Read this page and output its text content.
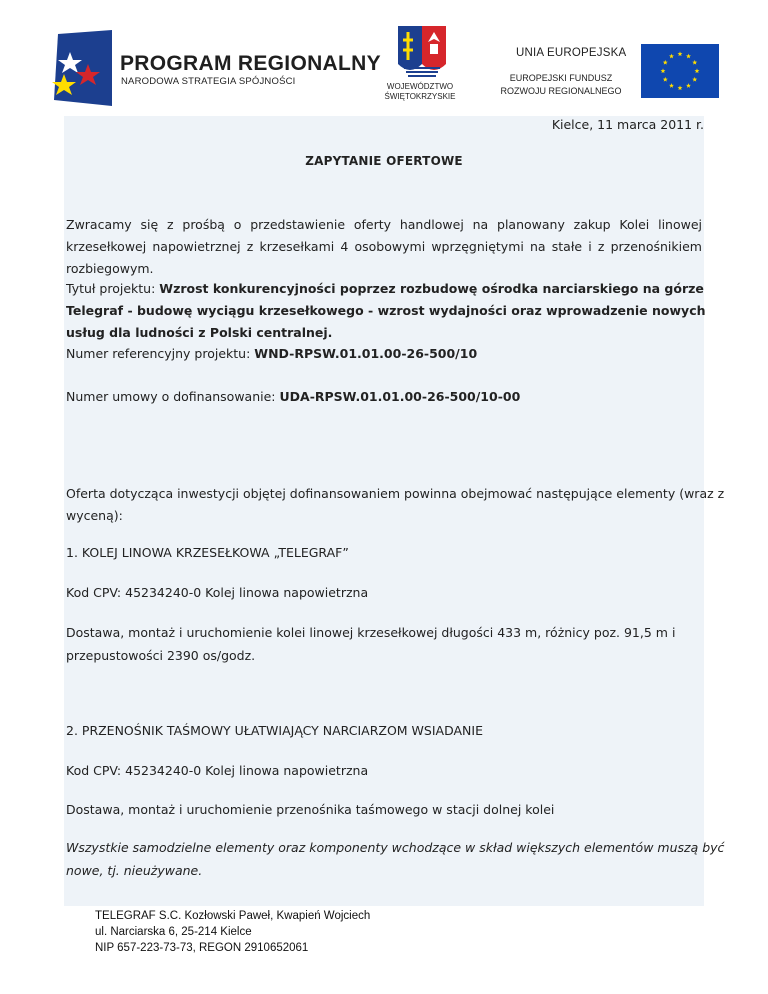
PROGRAM REGIONALNY
NARODOWA STRATEGIA SPÓJNOŚCI	WOJEWÓDZTWO
ŚWIĘTOKRZYSKIE
UNIA EUROPEJSKA
EUROPEJSKI FUNDUSZ
ROZWOJU REGIONALNEGO
Kielce, 11 marca 2011 r.
ZAPYTANIE OFERTOWE
Zwracamy się z prośbą o przedstawienie oferty handlowej na planowany zakup Kolei linowej krzesełkowej napowietrznej z krzesełkami 4 osobowymi wprzęgniętymi na stałe i z przenośnikiem rozbiegowym.
Tytuł projektu: Wzrost konkurencyjności poprzez rozbudowę ośrodka narciarskiego na górze
Telegraf - budowę wyciągu krzesełkowego - wzrost wydajności oraz wprowadzenie nowych
usług dla ludności z Polski centralnej.
Numer referencyjny projektu: WND-RPSW.01.01.00-26-500/10
Numer umowy o dofinansowanie: UDA-RPSW.01.01.00-26-500/10-00
Oferta dotycząca inwestycji objętej dofinansowaniem powinna obejmować następujące elementy (wraz z
wyceną):
1. KOLEJ LINOWA KRZESEŁKOWA „TELEGRAF”
Kod CPV: 45234240-0 Kolej linowa napowietrzna
Dostawa, montaż i uruchomienie kolei linowej krzesełkowej długości 433 m, różnicy poz. 91,5 m i
przepustowości 2390 os/godz.
2. PRZENOŚNIK TAŚMOWY UŁATWIAJĄCY NARCIARZOM WSIADANIE
Kod CPV: 45234240-0 Kolej linowa napowietrzna
Dostawa, montaż i uruchomienie przenośnika taśmowego w stacji dolnej kolei
Wszystkie samodzielne elementy oraz komponenty wchodzące w skład większych elementów muszą być
nowe, tj. nieużywane.
TELEGRAF S.C. Kozłowski Paweł, Kwapień Wojciech
ul. Narciarska 6, 25-214 Kielce
NIP 657-223-73-73, REGON 2910652061
